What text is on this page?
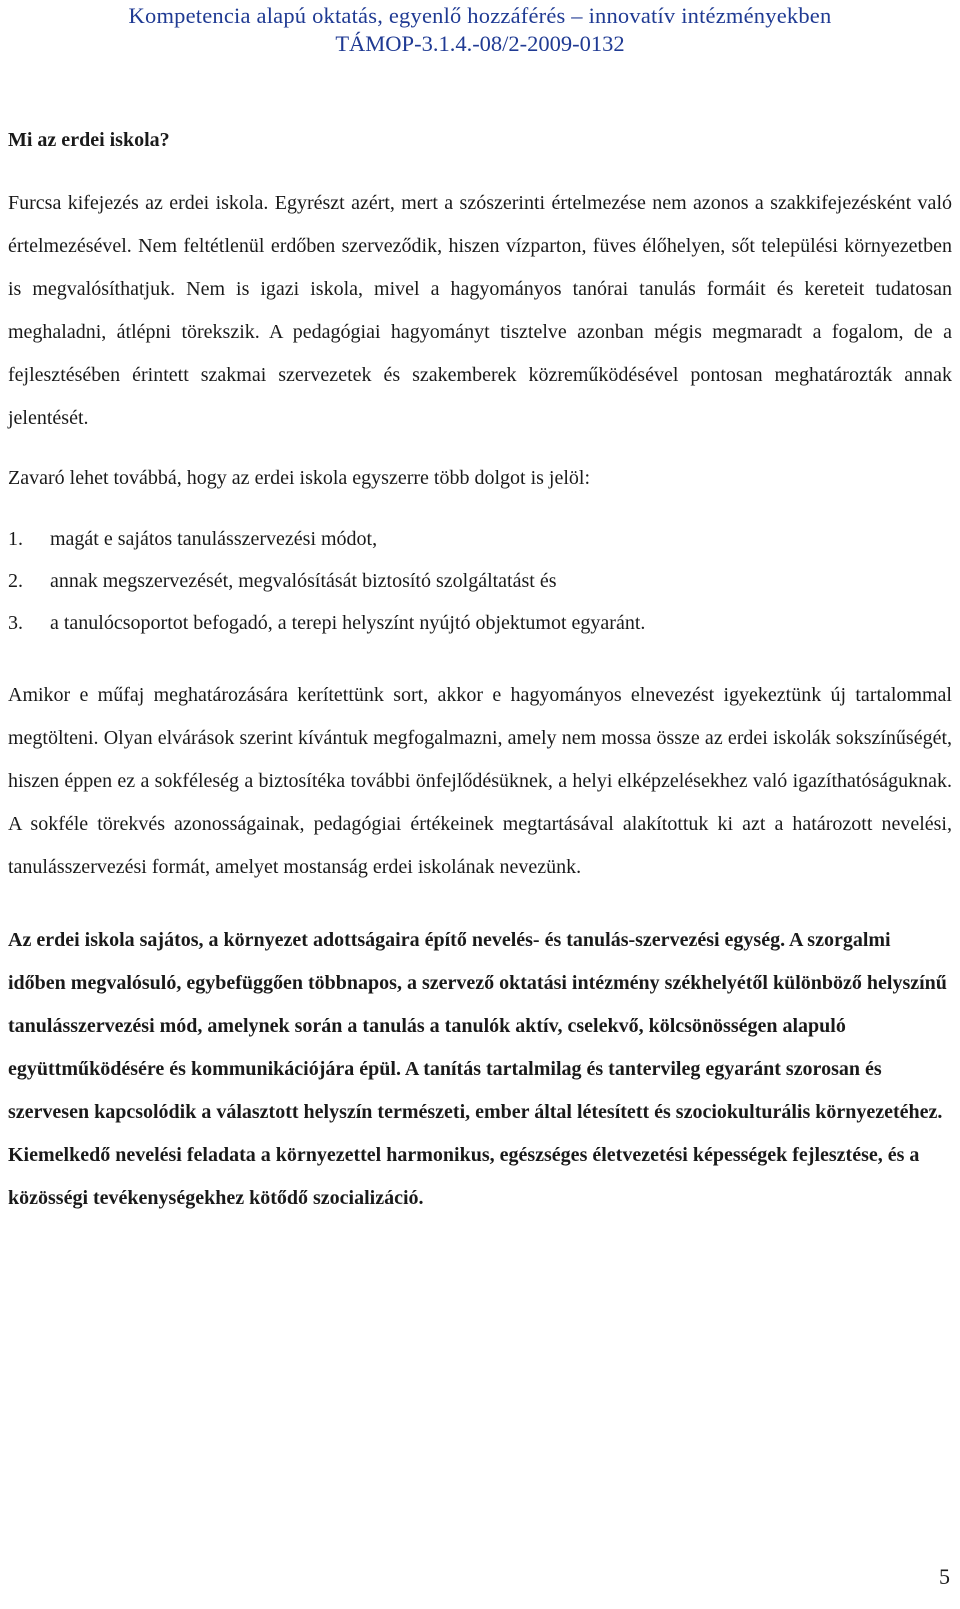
Kompetencia alapú oktatás, egyenlő hozzáférés – innovatív intézményekben
TÁMOP-3.1.4.-08/2-2009-0132
Mi az erdei iskola?

Furcsa kifejezés az erdei iskola. Egyrészt azért, mert a szószerinti értelmezése nem azonos a szakkifejezésként való értelmezésével. Nem feltétlenül erdőben szerveződik, hiszen vízparton, füves élőhelyen, sőt települési környezetben is megvalósíthatjuk. Nem is igazi iskola, mivel a hagyományos tanórai tanulás formáit és kereteit tudatosan meghaladni, átlépni törekszik. A pedagógiai hagyományt tisztelve azonban mégis megmaradt a fogalom, de a fejlesztésében érintett szakmai szervezetek és szakemberek közreműködésével pontosan meghatározták annak jelentését.

Zavaró lehet továbbá, hogy az erdei iskola egyszerre több dolgot is jelöl:

1.	magát e sajátos tanulásszervezési módot,
2.	annak megszervezését, megvalósítását biztosító szolgáltatást és
3.	a tanulócsoportot befogadó, a terepi helyszínt nyújtó objektumot egyaránt.

Amikor e műfaj meghatározására kerítettünk sort, akkor e hagyományos elnevezést igyekeztünk új tartalommal megtölteni. Olyan elvárások szerint kívántuk megfogalmazni, amely nem mossa össze az erdei iskolák sokszínűségét, hiszen éppen ez a sokféleség a biztosítéka további önfejlődésüknek, a helyi elképzelésekhez való igazíthatóságuknak. A sokféle törekvés azonosságainak, pedagógiai értékeinek megtartásával alakítottuk ki azt a határozott nevelési, tanulásszervezési formát, amelyet mostanság erdei iskolának nevezünk.

Az erdei iskola sajátos, a környezet adottságaira építő nevelés- és tanulás-szervezési egység. A szorgalmi időben megvalósuló, egybefüggően többnapos, a szervező oktatási intézmény székhelyétől különböző helyszínű tanulásszervezési mód, amelynek során a tanulás a tanulók aktív, cselekvő, kölcsönösségen alapuló együttműködésére és kommunikációjára épül. A tanítás tartalmilag és tantervileg egyaránt szorosan és szervesen kapcsolódik a választott helyszín természeti, ember által létesített és szociokulturális környezetéhez. Kiemelkedő nevelési feladata a környezettel harmonikus, egészséges életvezetési képességek fejlesztése, és a közösségi tevékenységekhez kötődő szocializáció.

5
